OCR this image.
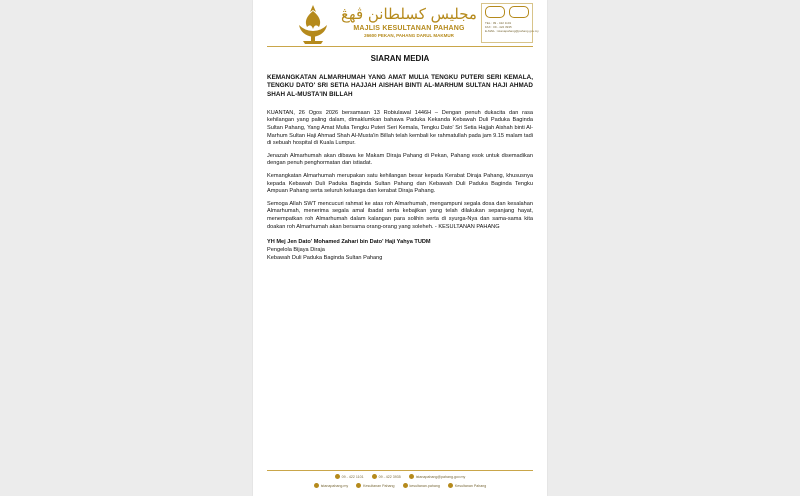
مجليس كسلطانن ڤهڠ
MAJLIS KESULTANAN PAHANG
26600 PEKAN, PAHANG DARUL MAKMUR
TEL : 09 - 422 1101
FAX : 09 - 422 3935
E-MAIL : istanapahang@pahang.gov.my
SIARAN MEDIA
KEMANGKATAN ALMARHUMAH YANG AMAT MULIA TENGKU PUTERI SERI KEMALA, TENGKU DATO' SRI SETIA HAJJAH AISHAH BINTI AL-MARHUM SULTAN HAJI AHMAD SHAH AL-MUSTA'IN BILLAH

KUANTAN, 26 Ogos 2026 bersamaan 13 Robiulawal 1446H – Dengan penuh dukacita dan rasa kehilangan yang paling dalam, dimaklumkan bahawa Paduka Kekanda Kebawah Duli Paduka Baginda Sultan Pahang, Yang Amat Mulia Tengku Puteri Seri Kemala, Tengku Dato' Sri Setia Hajjah Aishah binti Al-Marhum Sultan Haji Ahmad Shah Al-Musta'in Billah telah kembali ke rahmatullah pada jam 9.15 malam tadi di sebuah hospital di Kuala Lumpur.

Jenazah Almarhumah akan dibawa ke Makam Diraja Pahang di Pekan, Pahang esok untuk disemadikan dengan penuh penghormatan dan istiadat.

Kemangkatan Almarhumah merupakan satu kehilangan besar kepada Kerabat Diraja Pahang, khususnya kepada Kebawah Duli Paduka Baginda Sultan Pahang dan Kebawah Duli Paduka Baginda Tengku Ampuan Pahang serta seluruh keluarga dan kerabat Diraja Pahang.

Semoga Allah SWT mencucuri rahmat ke atas roh Almarhumah, mengampuni segala dosa dan kesalahan Almarhumah, menerima segala amal ibadat serta kebajikan yang telah dilakukan sepanjang hayat, menempatkan roh Almarhumah dalam kalangan para solihin serta di syurga-Nya dan sama-sama kita doakan roh Almarhumah akan bersama orang-orang yang soleheh. - KESULTANAN PAHANG

YH Mej Jen Dato' Mohamed Zahari bin Dato' Haji Yahya TUDM
Pengelola Bijaya Diraja
Kebawah Duli Paduka Baginda Sultan Pahang
09 - 422 1101	09 - 422 3935	istanapahang@pahang.gov.my
istanapahang.my	Kesultanan Pahang	kesultanan.pahang	Kesultanan Pahang
